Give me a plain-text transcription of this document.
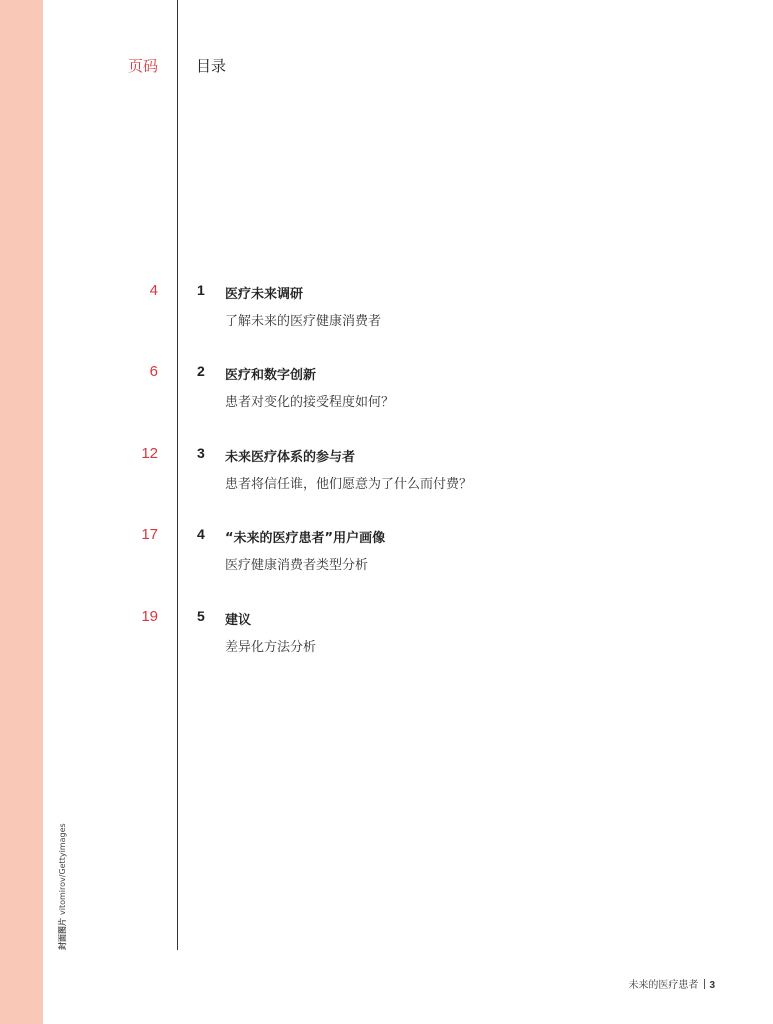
页码	目录
4	1 医疗未来调研
了解未来的医疗健康消费者
6	2 医疗和数字创新
患者对变化的接受程度如何？
12	3 未来医疗体系的参与者
患者将信任谁，他们愿意为了什么而付费？
17	4 “未来的医疗患者”用户画像
医疗健康消费者类型分析
19	5 建议
差异化方法分析
封面图片vitomirov/Gettyimages
未来的医疗患者 3
